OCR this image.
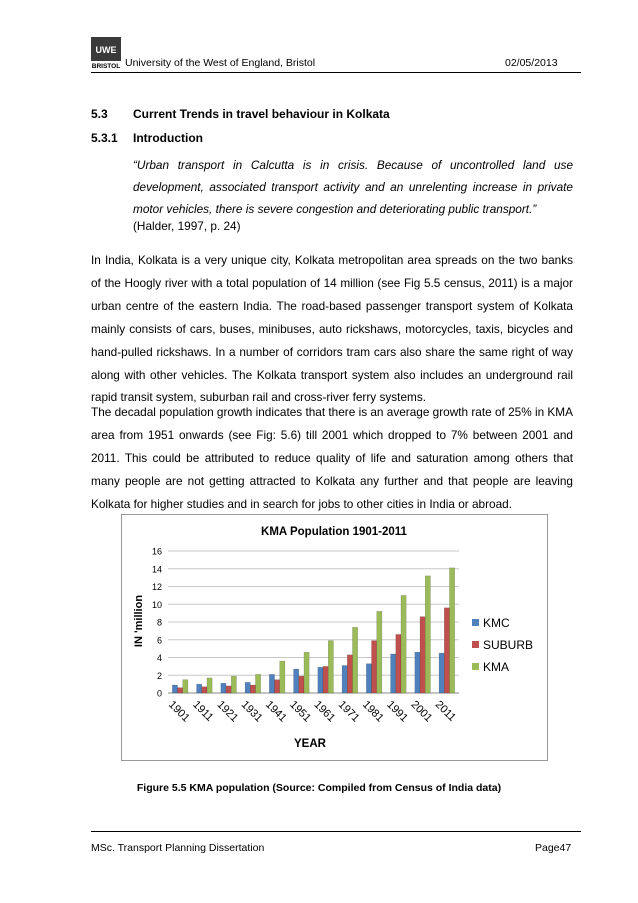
UWE
BRISTOL University of the West of England, Bristol	02/05/2013
5.3 Current Trends in travel behaviour in Kolkata
5.3.1 Introduction
“Urban transport in Calcutta is in crisis. Because of uncontrolled land use development, associated transport activity and an unrelenting increase in private motor vehicles, there is severe congestion and deteriorating public transport.”
(Halder, 1997, p. 24)
In India, Kolkata is a very unique city, Kolkata metropolitan area spreads on the two banks of the Hoogly river with a total population of 14 million (see Fig 5.5 census, 2011) is a major urban centre of the eastern India. The road-based passenger transport system of Kolkata mainly consists of cars, buses, minibuses, auto rickshaws, motorcycles, taxis, bicycles and hand-pulled rickshaws. In a number of corridors tram cars also share the same right of way along with other vehicles. The Kolkata transport system also includes an underground rail rapid transit system, suburban rail and cross-river ferry systems.
The decadal population growth indicates that there is an average growth rate of 25% in KMA area from 1951 onwards (see Fig: 5.6) till 2001 which dropped to 7% between 2001 and 2011. This could be attributed to reduce quality of life and saturation among others that many people are not getting attracted to Kolkata any further and that people are leaving Kolkata for higher studies and in search for jobs to other cities in India or abroad.
KMA Population 1901-2011
0
2
4
6
8
10
12
14
16
1901
1911 1921
1931
1941
1951
1961
1971
1981
1991
2001
2011
IN 'million
YEAR
KMC
SUBURB
KMA
Figure 5.5 KMA population (Source: Compiled from Census of India data)
MSc. Transport Planning Dissertation	Page47
